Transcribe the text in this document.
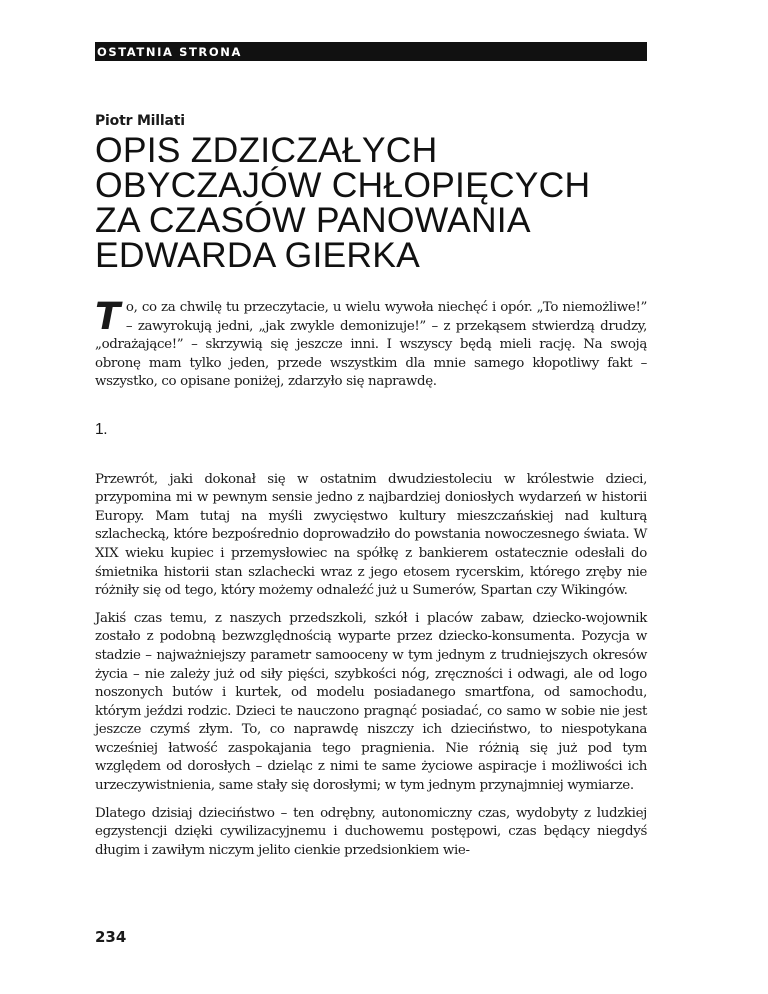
OSTATNIA STRONA
Piotr Millati
OPIS ZDZICZAŁYCH
OBYCZAJÓW CHŁOPIĘCYCH
ZA CZASÓW PANOWANIA
EDWARDA GIERKA

To, co za chwilę tu przeczytacie, u wielu wywoła niechęć i opór. „To niemożliwe!” – zawyrokują jedni, „jak zwykle demonizuje!” – z przekąsem stwierdzą drudzy, „odrażające!” – skrzywią się jeszcze inni. I wszyscy będą mieli rację. Na swoją obronę mam tylko jeden, przede wszystkim dla mnie samego kłopotliwy fakt – wszystko, co opisane poniżej, zdarzyło się naprawdę.

1.

Przewrót, jaki dokonał się w ostatnim dwudziestoleciu w królestwie dzieci, przypomina mi w pewnym sensie jedno z najbardziej doniosłych wydarzeń w historii Europy. Mam tutaj na myśli zwycięstwo kultury mieszczańskiej nad kulturą szlachecką, które bezpośrednio doprowadziło do powstania nowoczesnego świata. W XIX wieku kupiec i przemysłowiec na spółkę z bankierem ostatecznie odesłali do śmietnika historii stan szlachecki wraz z jego etosem rycerskim, którego zręby nie różniły się od tego, który możemy odnaleźć już u Sumerów, Spartan czy Wikingów.

Jakiś czas temu, z naszych przedszkoli, szkół i placów zabaw, dziecko-wojownik zostało z podobną bezwzględnością wyparte przez dziecko-konsumenta. Pozycja w stadzie – najważniejszy parametr samooceny w tym jednym z trudniejszych okresów życia – nie zależy już od siły pięści, szybkości nóg, zręczności i odwagi, ale od logo noszonych butów i kurtek, od modelu posiadanego smartfona, od samochodu, którym jeździ rodzic. Dzieci te nauczono pragnąć posiadać, co samo w sobie nie jest jeszcze czymś złym. To, co naprawdę niszczy ich dzieciństwo, to niespotykana wcześniej łatwość zaspokajania tego pragnienia. Nie różnią się już pod tym względem od dorosłych – dzieląc z nimi te same życiowe aspiracje i możliwości ich urzeczywistnienia, same stały się dorosłymi; w tym jednym przynajmniej wymiarze.

Dlatego dzisiaj dzieciństwo – ten odrębny, autonomiczny czas, wydobyty z ludzkiej egzystencji dzięki cywilizacyjnemu i duchowemu postępowi, czas będący niegdyś długim i zawiłym niczym jelito cienkie przedsionkiem wie-

234
